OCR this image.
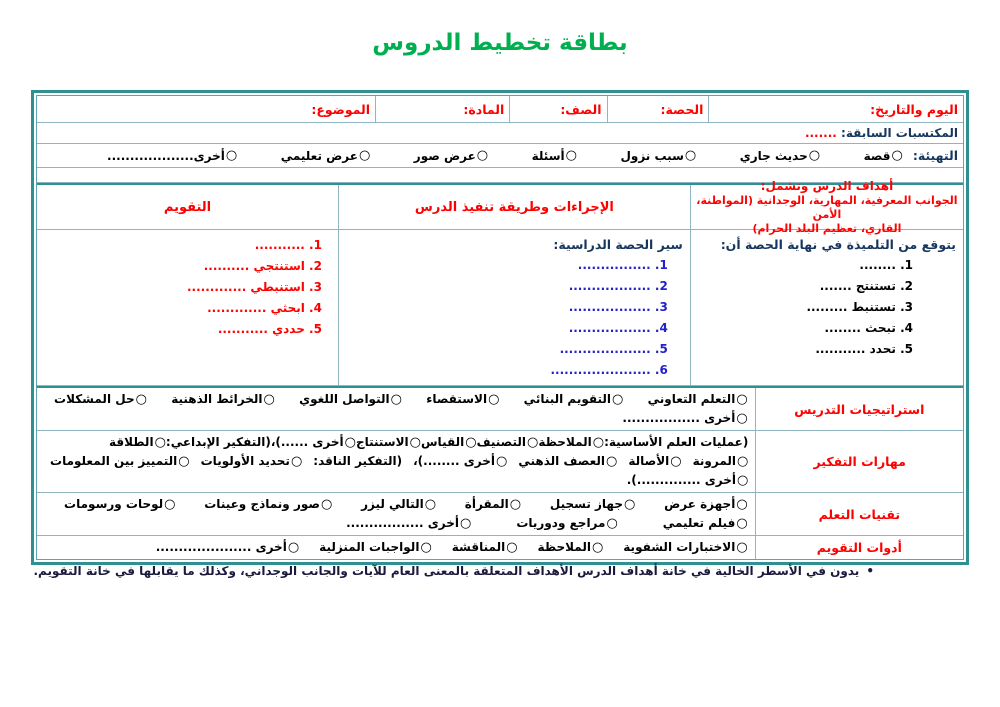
بطاقة تخطيط الدروس
اليوم والتاريخ:
الحصة:
الصف:
المادة:
الموضوع:
المكتسبات السابقة: .......
التهيئة:
○
قصة
○
حديث جاري
○
سبب نزول
○
أسئلة
○
عرض صور
○
عرض تعليمي
○
أخرى...................
أهداف الدرس وتشمل:
الجوانب المعرفية، المهارية، الوجدانية (المواطنة، الأمن
القاري، تعظيم البلد الحرام)
يتوقع من التلميذة في نهاية الحصة أن:
1. ........
2. تستنتج .......
3. تستنبط .........
4. تبحث ........
5. تحدد ...........
الإجراءات وطريقة تنفيذ الدرس
سير الحصة الدراسية:
1. ................
2. ..................
3. ..................
4. ..................
5. ....................
6. ......................
التقويم
1. ...........
2. استنتجي ..........
3. استنبطي .............
4. ابحثي .............
5. حددي ...........
استراتيجيات التدريس
○
التعلم التعاوني
○
التقويم البنائي
○
الاستقصاء
○
التواصل اللغوي
○
الخرائط الذهنية
○
حل المشكلات
○
أخرى .................
مهارات التفكير
(عمليات العلم الأساسية:
○
الملاحظة
○
التصنيف
○
القياس
○
الاستنتاج
○
أخرى ......)،
(التفكير الإبداعي:
○
الطلاقة
○
المرونة
○
الأصالة
○
العصف الذهني
○
أخرى ........)،
(التفكير الناقد:
○
تحديد الأولويات
○
التمييز بين المعلومات
○
أخرى ..............).
تقنيات التعلم
○
أجهزة عرض
○
جهاز تسجيل
○
المقرأة
○
التالي ليزر
○
صور ونماذج وعينات
○
لوحات ورسومات
○
فيلم تعليمي
○
مراجع ودوريات
○
أخرى .................
أدوات التقويم
○
الاختبارات الشفوية
○
الملاحظة
○
المناقشة
○
الواجبات المنزلية
○
أخرى .....................
•
يدون في الأسطر الخالية في خانة أهداف الدرس الأهداف المتعلقة بالمعنى العام للآيات والجانب الوجداني، وكذلك ما يقابلها في خانة التقويم.
